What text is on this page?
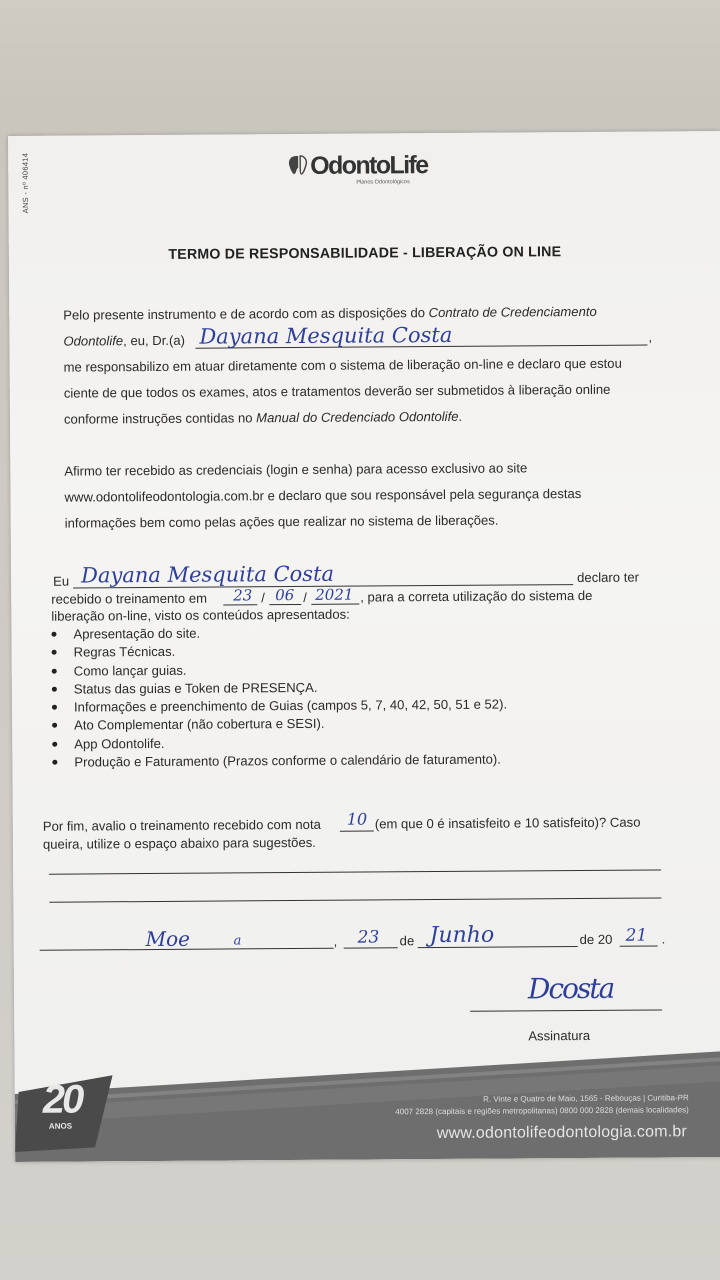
ANS - nº 406414	OdontoLife
Planos Odontológicos
TERMO DE RESPONSABILIDADE - LIBERAÇÃO ON LINE
Pelo presente instrumento e de acordo com as disposições do Contrato de Credenciamento
Odontolife, eu, Dr.(a)	,
Dayana Mesquita Costa
me responsabilizo em atuar diretamente com o sistema de liberação on-line e declaro que estou
ciente de que todos os exames, atos e tratamentos deverão ser submetidos à liberação online
conforme instruções contidas no Manual do Credenciado Odontolife.
Afirmo ter recebido as credenciais (login e senha) para acesso exclusivo ao site
www.odontolifeodontologia.com.br e declaro que sou responsável pela segurança destas
informações bem como pelas ações que realizar no sistema de liberações.
Eu Dayana Mesquita Costa	declaro ter
recebido o treinamento em 23 / 06 / 2021 , para a correta utilização do sistema de
liberação on-line, visto os conteúdos apresentados:
Apresentação do site.
Regras Técnicas.
Como lançar guias.
Status das guias e Token de PRESENÇA.
Informações e preenchimento de Guias (campos 5, 7, 40, 42, 50, 51 e 52).
Ato Complementar (não cobertura e SESI).
App Odontolife.
Produção e Faturamento (Prazos conforme o calendário de faturamento).
Por fim, avalio o treinamento recebido com nota 10 (em que 0 é insatisfeito e 10 satisfeito)? Caso
queira, utilize o espaço abaixo para sugestões.
Moe	a	, 23 de Junho	de 20 21 .
Dcosta
Assinatura
20
ANOS
R. Vinte e Quatro de Maio, 1565 - Rebouças | Curitiba-PR
4007 2828 (capitais e regiões metropolitanas) 0800 000 2828 (demais localidades)
www.odontolifeodontologia.com.br
